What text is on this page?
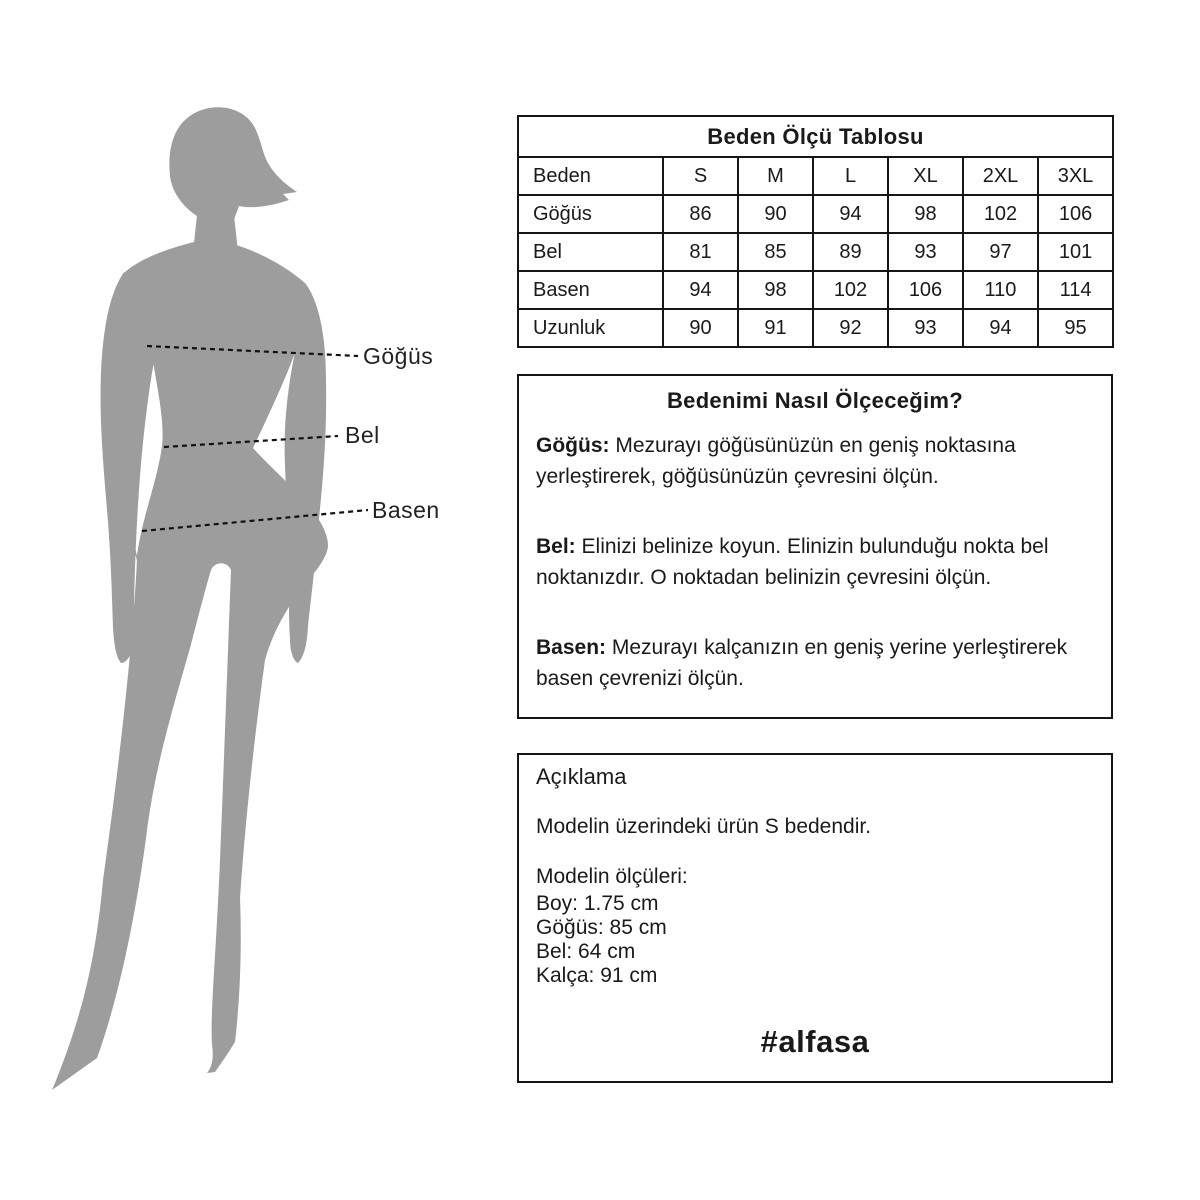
Göğüs
Bel
Basen
Beden Ölçü Tablosu						
Beden	S	M	L	XL	2XL	3XL
Göğüs	86	90	94	98	102	106
Bel	81	85	89	93	97	101
Basen	94	98	102	106	110	114
Uzunluk	90	91	92	93	94	95
Bedenimi Nasıl Ölçeceğim?

Göğüs: Mezurayı göğüsünüzün en geniş noktasına yerleştirerek, göğüsünüzün çevresini ölçün.

Bel: Elinizi belinize koyun. Elinizin bulunduğu nokta bel noktanızdır. O noktadan belinizin çevresini ölçün.

Basen: Mezurayı kalçanızın en geniş yerine yerleştirerek basen çevrenizi ölçün.

Açıklama
Modelin üzerindeki ürün S bedendir.
Modelin ölçüleri:
Boy: 1.75 cm
Göğüs: 85 cm
Bel: 64 cm
Kalça: 91 cm
#alfasa
